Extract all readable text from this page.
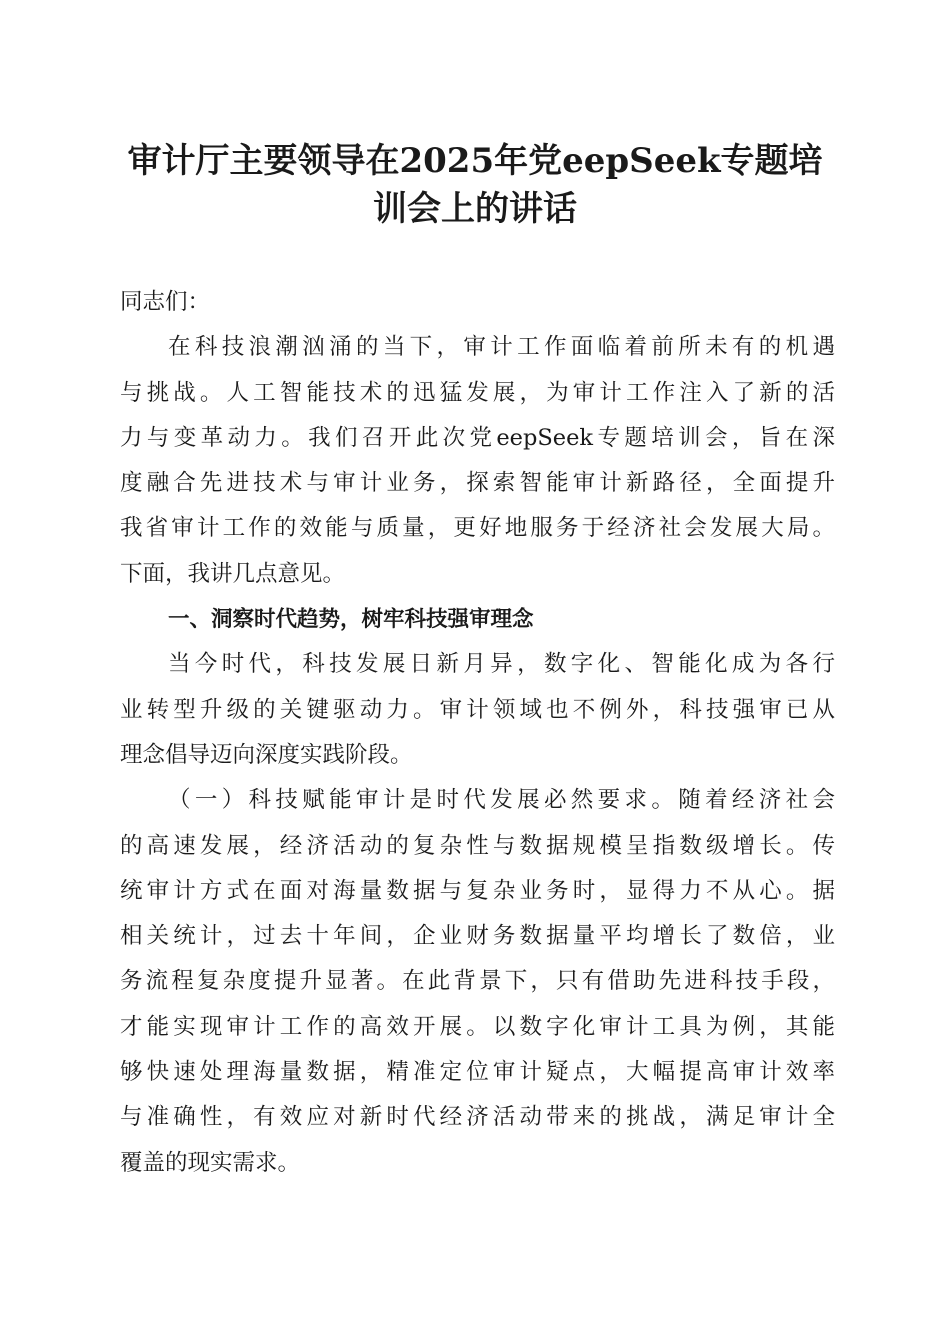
审计厅主要领导在2025年党eepSeek专题培
训会上的讲话
同志们：
在科技浪潮汹涌的当下，审计工作面临着前所未有的机遇
与挑战。人工智能技术的迅猛发展，为审计工作注入了新的活
力与变革动力。我们召开此次党eepSeek专题培训会，旨在深
度融合先进技术与审计业务，探索智能审计新路径，全面提升
我省审计工作的效能与质量，更好地服务于经济社会发展大局。
下面，我讲几点意见。
一、洞察时代趋势，树牢科技强审理念
当今时代，科技发展日新月异，数字化、智能化成为各行
业转型升级的关键驱动力。审计领域也不例外，科技强审已从
理念倡导迈向深度实践阶段。
（一）科技赋能审计是时代发展必然要求。随着经济社会
的高速发展，经济活动的复杂性与数据规模呈指数级增长。传
统审计方式在面对海量数据与复杂业务时，显得力不从心。据
相关统计，过去十年间，企业财务数据量平均增长了数倍，业
务流程复杂度提升显著。在此背景下，只有借助先进科技手段，
才能实现审计工作的高效开展。以数字化审计工具为例，其能
够快速处理海量数据，精准定位审计疑点，大幅提高审计效率
与准确性，有效应对新时代经济活动带来的挑战，满足审计全
覆盖的现实需求。
